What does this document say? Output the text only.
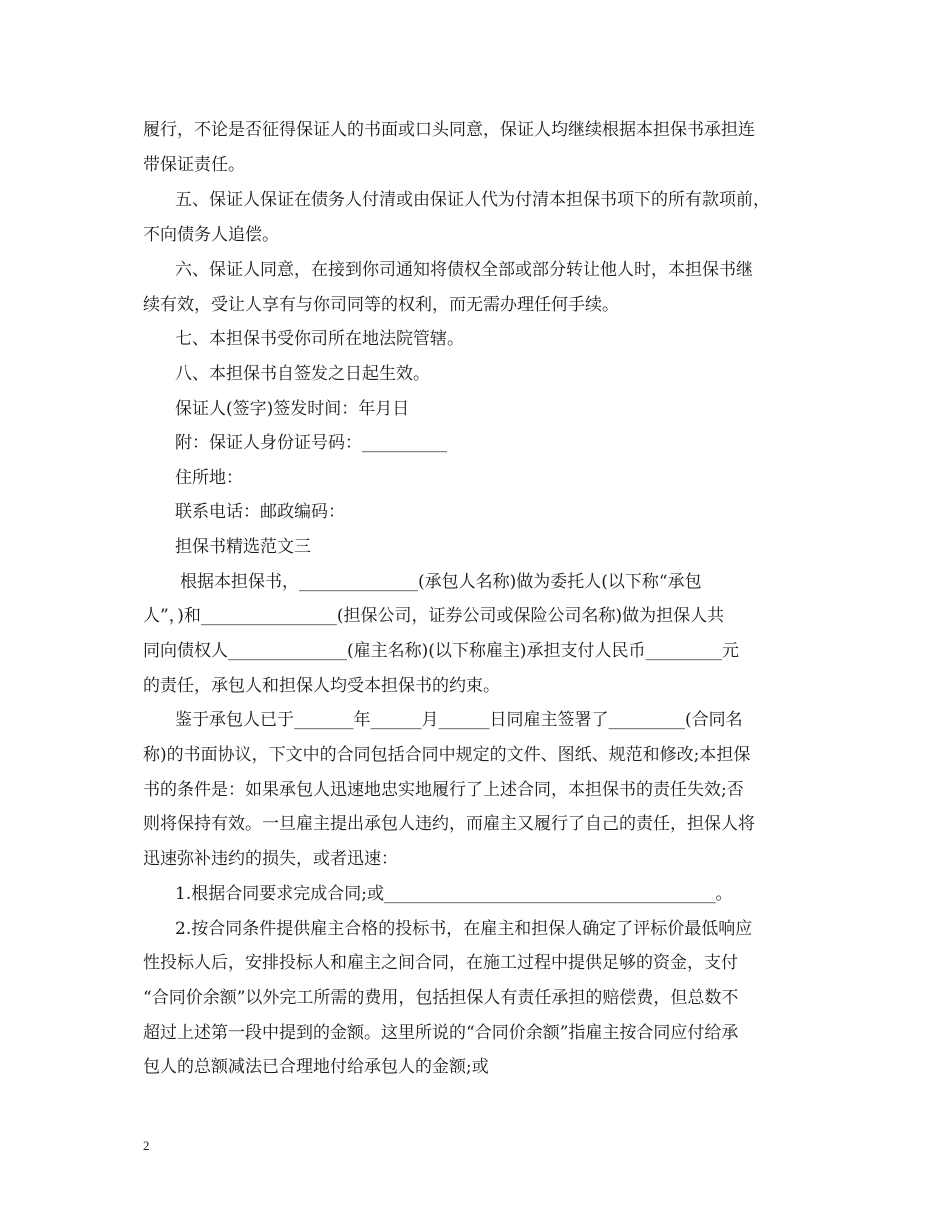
履行，不论是否征得保证人的书面或口头同意，保证人均继续根据本担保书承担连
带保证责任。
五、保证人保证在债务人付清或由保证人代为付清本担保书项下的所有款项前，
不向债务人追偿。
六、保证人同意，在接到你司通知将债权全部或部分转让他人时，本担保书继
续有效，受让人享有与你司同等的权利，而无需办理任何手续。
七、本担保书受你司所在地法院管辖。
八、本担保书自签发之日起生效。
保证人(签字)签发时间：年月日
附：保证人身份证号码：__________
住所地：
联系电话：邮政编码：
担保书精选范文三
根据本担保书，______________(承包人名称)做为委托人(以下称“承包
人”，)和________________(担保公司，证券公司或保险公司名称)做为担保人共
同向债权人______________(雇主名称)(以下称雇主)承担支付人民币_________元
的责任，承包人和担保人均受本担保书的约束。
鉴于承包人已于_______年______月______日同雇主签署了_________(合同名
称)的书面协议，下文中的合同包括合同中规定的文件、图纸、规范和修改;本担保
书的条件是：如果承包人迅速地忠实地履行了上述合同，本担保书的责任失效;否
则将保持有效。一旦雇主提出承包人违约，而雇主又履行了自己的责任，担保人将
迅速弥补违约的损失，或者迅速：
1.根据合同要求完成合同;或_______________________________________。
2.按合同条件提供雇主合格的投标书，在雇主和担保人确定了评标价最低响应
性投标人后，安排投标人和雇主之间合同，在施工过程中提供足够的资金，支付
“合同价余额”以外完工所需的费用，包括担保人有责任承担的赔偿费，但总数不
超过上述第一段中提到的金额。这里所说的“合同价余额”指雇主按合同应付给承
包人的总额减法已合理地付给承包人的金额;或
2
